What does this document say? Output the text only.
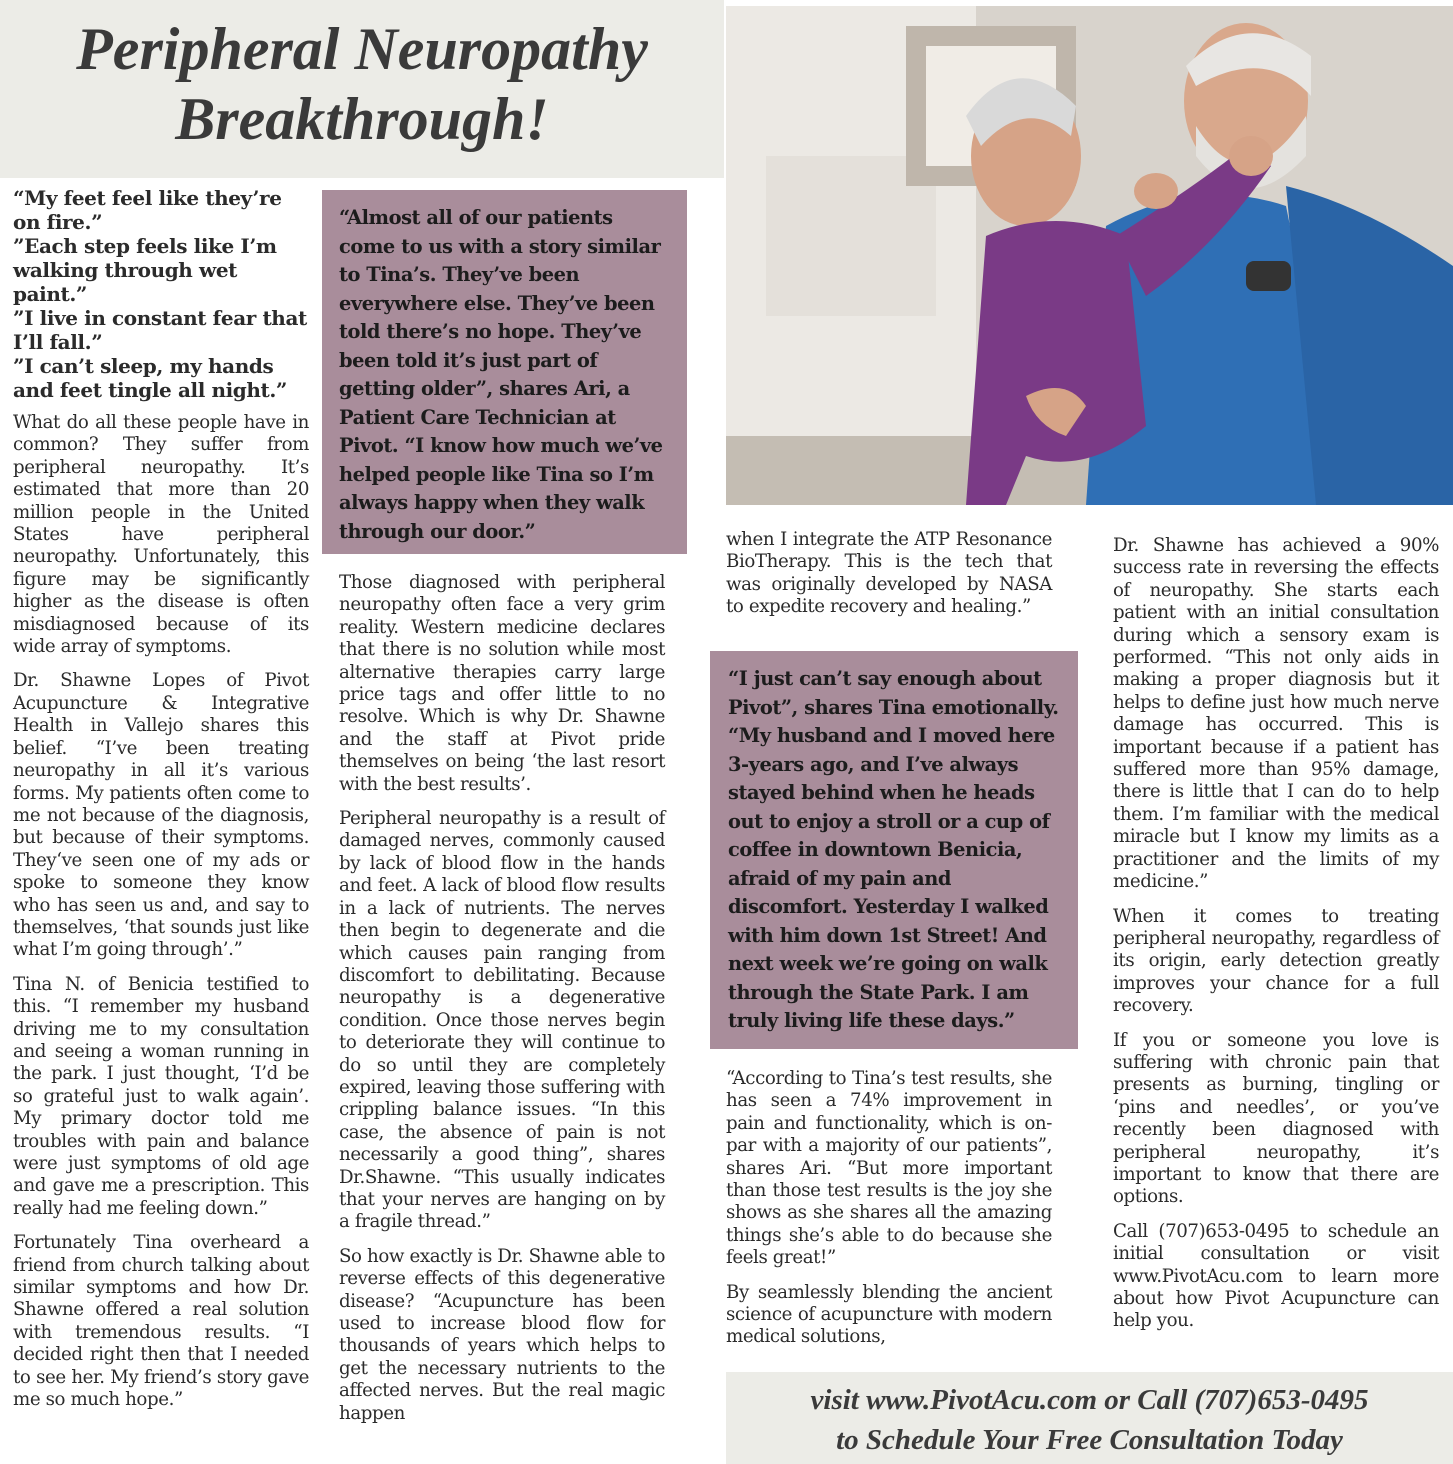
Peripheral Neuropathy
Breakthrough!
“My feet feel like they’re on fire.”
”Each step feels like I’m walking through wet paint.”
”I live in constant fear that I’ll fall.”
”I can’t sleep, my hands and feet tingle all night.”

What do all these people have in common? They suffer from peripheral neuropathy. It’s estimated that more than 20 million people in the United States have peripheral neuropathy. Unfortunately, this figure may be significantly higher as the disease is often misdiagnosed because of its wide array of symptoms.

Dr. Shawne Lopes of Pivot Acupuncture & Integrative Health in Vallejo shares this belief. “I’ve been treating neuropathy in all it’s various forms. My patients often come to me not because of the diagnosis, but because of their symptoms. They‘ve seen one of my ads or spoke to someone they know who has seen us and, and say to themselves, ‘that sounds just like what I’m going through’.”

Tina N. of Benicia testified to this. “I remember my husband driving me to my consultation and seeing a woman running in the park. I just thought, ‘I’d be so grateful just to walk again’. My primary doctor told me troubles with pain and balance were just symptoms of old age and gave me a prescription. This really had me feeling down.”

Fortunately Tina overheard a friend from church talking about similar symptoms and how Dr. Shawne offered a real solution with tremendous results. “I decided right then that I needed to see her. My friend’s story gave me so much hope.”

“Almost all of our patients come to us with a story similar to Tina’s. They’ve been everywhere else. They’ve been told there’s no hope. They’ve been told it’s just part of getting older”, shares Ari, a Patient Care Technician at Pivot. “I know how much we’ve helped people like Tina so I’m always happy when they walk through our door.”

Those diagnosed with peripheral neuropathy often face a very grim reality. Western medicine declares that there is no solution while most alternative therapies carry large price tags and offer little to no resolve. Which is why Dr. Shawne and the staff at Pivot pride themselves on being ‘the last resort with the best results’.

Peripheral neuropathy is a result of damaged nerves, commonly caused by lack of blood flow in the hands and feet. A lack of blood flow results in a lack of nutrients. The nerves then begin to degenerate and die which causes pain ranging from discomfort to debilitating. Because neuropathy is a degenerative condition. Once those nerves begin to deteriorate they will continue to do so until they are completely expired, leaving those suffering with crippling balance issues. “In this case, the absence of pain is not necessarily a good thing”, shares Dr.Shawne. “This usually indicates that your nerves are hanging on by a fragile thread.”

So how exactly is Dr. Shawne able to reverse effects of this degenerative disease? “Acupuncture has been used to increase blood flow for thousands of years which helps to get the necessary nutrients to the affected nerves. But the real magic happen

when I integrate the ATP Resonance BioTherapy. This is the tech that was originally developed by NASA to expedite recovery and healing.”

“I just can’t say enough about Pivot”, shares Tina emotionally. “My husband and I moved here 3-years ago, and I’ve always stayed behind when he heads out to enjoy a stroll or a cup of coffee in downtown Benicia, afraid of my pain and discomfort. Yesterday I walked with him down 1st Street! And next week we’re going on walk through the State Park. I am truly living life these days.”

“According to Tina’s test results, she has seen a 74% improvement in pain and functionality, which is on-par with a majority of our patients”, shares Ari. “But more important than those test results is the joy she shows as she shares all the amazing things she’s able to do because she feels great!”

By seamlessly blending the ancient science of acupuncture with modern medical solutions,

Dr. Shawne has achieved a 90% success rate in reversing the effects of neuropathy. She starts each patient with an initial consultation during which a sensory exam is performed. “This not only aids in making a proper diagnosis but it helps to define just how much nerve damage has occurred. This is important because if a patient has suffered more than 95% damage, there is little that I can do to help them. I’m familiar with the medical miracle but I know my limits as a practitioner and the limits of my medicine.”

When it comes to treating peripheral neuropathy, regardless of its origin, early detection greatly improves your chance for a full recovery.

If you or someone you love is suffering with chronic pain that presents as burning, tingling or ‘pins and needles’, or you’ve recently been diagnosed with peripheral neuropathy, it’s important to know that there are options.

Call (707)653-0495 to schedule an initial consultation or visit www.PivotAcu.com to learn more about how Pivot Acupuncture can help you.

visit www.PivotAcu.com or Call (707)653-0495
to Schedule Your Free Consultation Today
